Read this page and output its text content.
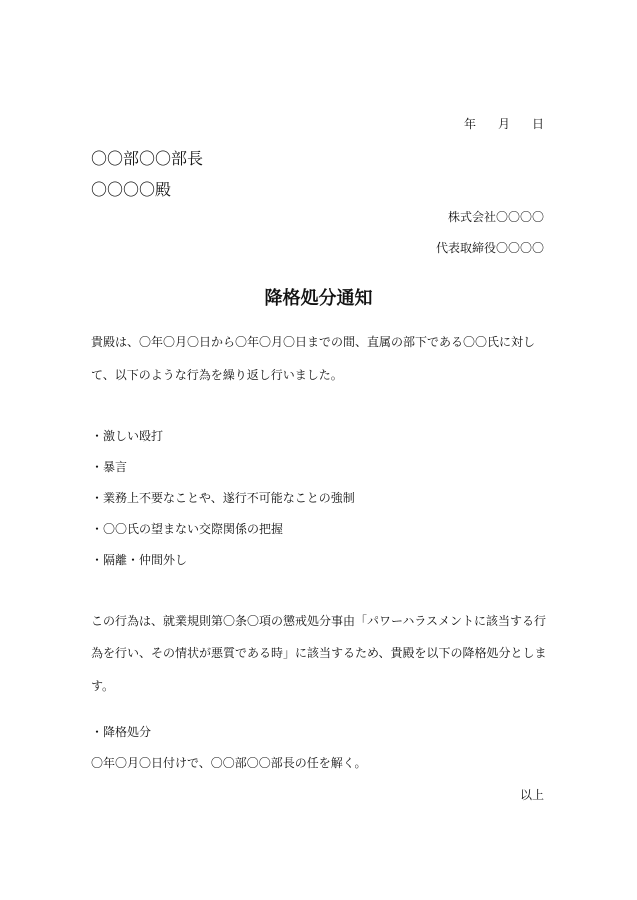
年 月 日
〇〇部〇〇部長
〇〇〇〇殿
株式会社〇〇〇〇
代表取締役〇〇〇〇
降格処分通知
貴殿は、〇年〇月〇日から〇年〇月〇日までの間、直属の部下である〇〇氏に対し
て、以下のような行為を繰り返し行いました。
・激しい殴打
・暴言
・業務上不要なことや、遂行不可能なことの強制
・〇〇氏の望まない交際関係の把握
・隔離・仲間外し
この行為は、就業規則第〇条〇項の懲戒処分事由「パワーハラスメントに該当する行
為を行い、その情状が悪質である時」に該当するため、貴殿を以下の降格処分としま
す。
・降格処分
〇年〇月〇日付けで、〇〇部〇〇部長の任を解く。
以上
